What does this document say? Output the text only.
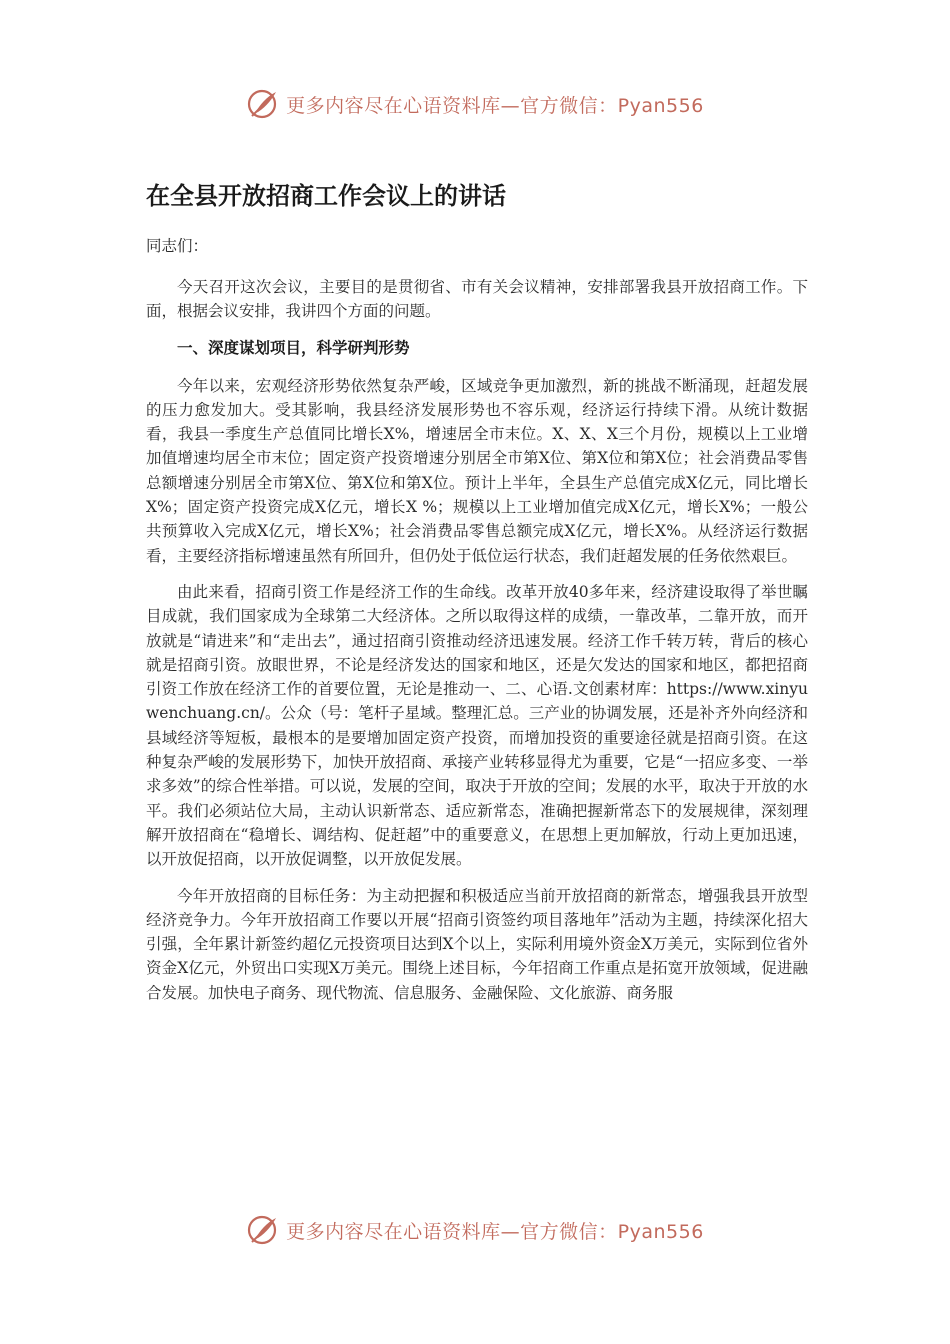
更多内容尽在心语资料库—官方微信：Pyan556
在全县开放招商工作会议上的讲话
同志们：

今天召开这次会议，主要目的是贯彻省、市有关会议精神，安排部署我县开放招商工作。下面，根据会议安排，我讲四个方面的问题。

一、深度谋划项目，科学研判形势

今年以来，宏观经济形势依然复杂严峻，区域竞争更加激烈，新的挑战不断涌现，赶超发展的压力愈发加大。受其影响，我县经济发展形势也不容乐观，经济运行持续下滑。从统计数据看，我县一季度生产总值同比增长X%，增速居全市末位。X、X、X三个月份，规模以上工业增加值增速均居全市末位；固定资产投资增速分别居全市第X位、第X位和第X位；社会消费品零售总额增速分别居全市第X位、第X位和第X位。预计上半年，全县生产总值完成X亿元，同比增长X%；固定资产投资完成X亿元，增长X %；规模以上工业增加值完成X亿元，增长X%；一般公共预算收入完成X亿元，增长X%；社会消费品零售总额完成X亿元，增长X%。从经济运行数据看，主要经济指标增速虽然有所回升，但仍处于低位运行状态，我们赶超发展的任务依然艰巨。

由此来看，招商引资工作是经济工作的生命线。改革开放40多年来，经济建设取得了举世瞩目成就，我们国家成为全球第二大经济体。之所以取得这样的成绩，一靠改革，二靠开放，而开放就是“请进来”和“走出去”，通过招商引资推动经济迅速发展。经济工作千转万转，背后的核心就是招商引资。放眼世界，不论是经济发达的国家和地区，还是欠发达的国家和地区，都把招商引资工作放在经济工作的首要位置，无论是推动一、二、心语.文创素材库：https://www.xinyuwenchuang.cn/。公众（号：笔杆子星域。整理汇总。三产业的协调发展，还是补齐外向经济和县域经济等短板，最根本的是要增加固定资产投资，而增加投资的重要途径就是招商引资。在这种复杂严峻的发展形势下，加快开放招商、承接产业转移显得尤为重要，它是“一招应多变、一举求多效”的综合性举措。可以说，发展的空间，取决于开放的空间；发展的水平，取决于开放的水平。我们必须站位大局，主动认识新常态、适应新常态，准确把握新常态下的发展规律，深刻理解开放招商在“稳增长、调结构、促赶超”中的重要意义，在思想上更加解放，行动上更加迅速，以开放促招商，以开放促调整，以开放促发展。

今年开放招商的目标任务：为主动把握和积极适应当前开放招商的新常态，增强我县开放型经济竞争力。今年开放招商工作要以开展“招商引资签约项目落地年”活动为主题，持续深化招大引强，全年累计新签约超亿元投资项目达到X个以上，实际利用境外资金X万美元，实际到位省外资金X亿元，外贸出口实现X万美元。围绕上述目标，今年招商工作重点是拓宽开放领域，促进融合发展。加快电子商务、现代物流、信息服务、金融保险、文化旅游、商务服

更多内容尽在心语资料库—官方微信：Pyan556
